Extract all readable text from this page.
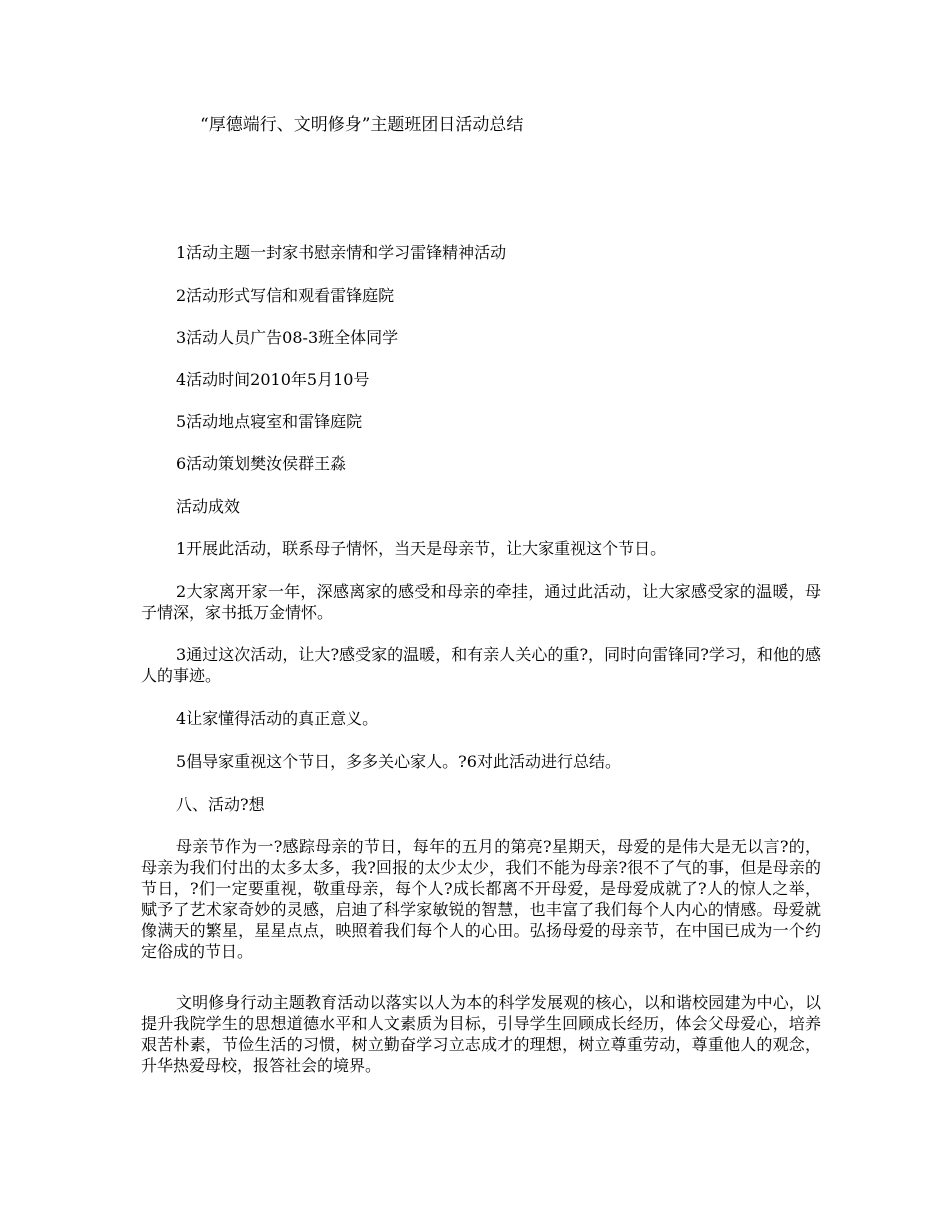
“厚德端行、文明修身”主题班团日活动总结
1活动主题一封家书慰亲情和学习雷锋精神活动
2活动形式写信和观看雷锋庭院
3活动人员广告08-3班全体同学
4活动时间2010年5月10号
5活动地点寝室和雷锋庭院
6活动策划樊汝侯群王淼
活动成效
1开展此活动，联系母子情怀，当天是母亲节，让大家重视这个节日。

2大家离开家一年，深感离家的感受和母亲的牵挂，通过此活动，让大家感受家的温暖，母子情深，家书抵万金情怀。

3通过这次活动，让大?感受家的温暖，和有亲人关心的重?，同时向雷锋同?学习，和他的感人的事迹。

4让家懂得活动的真正意义。
5倡导家重视这个节日，多多关心家人。?6对此活动进行总结。
八、活动?想

母亲节作为一?感踪母亲的节日，每年的五月的第亮?星期天，母爱的是伟大是无以言?的，母亲为我们付出的太多太多，我?回报的太少太少，我们不能为母亲?很不了气的事，但是母亲的节日，?们一定要重视，敬重母亲，每个人?成长都离不开母爱，是母爱成就了?人的惊人之举，赋予了艺术家奇妙的灵感，启迪了科学家敏锐的智慧，也丰富了我们每个人内心的情感。母爱就像满天的繁星，星星点点，映照着我们每个人的心田。弘扬母爱的母亲节，在中国已成为一个约定俗成的节日。

文明修身行动主题教育活动以落实以人为本的科学发展观的核心，以和谐校园建为中心，以提升我院学生的思想道德水平和人文素质为目标，引导学生回顾成长经历，体会父母爱心，培养艰苦朴素，节俭生活的习惯，树立勤奋学习立志成才的理想，树立尊重劳动，尊重他人的观念，升华热爱母校，报答社会的境界。
